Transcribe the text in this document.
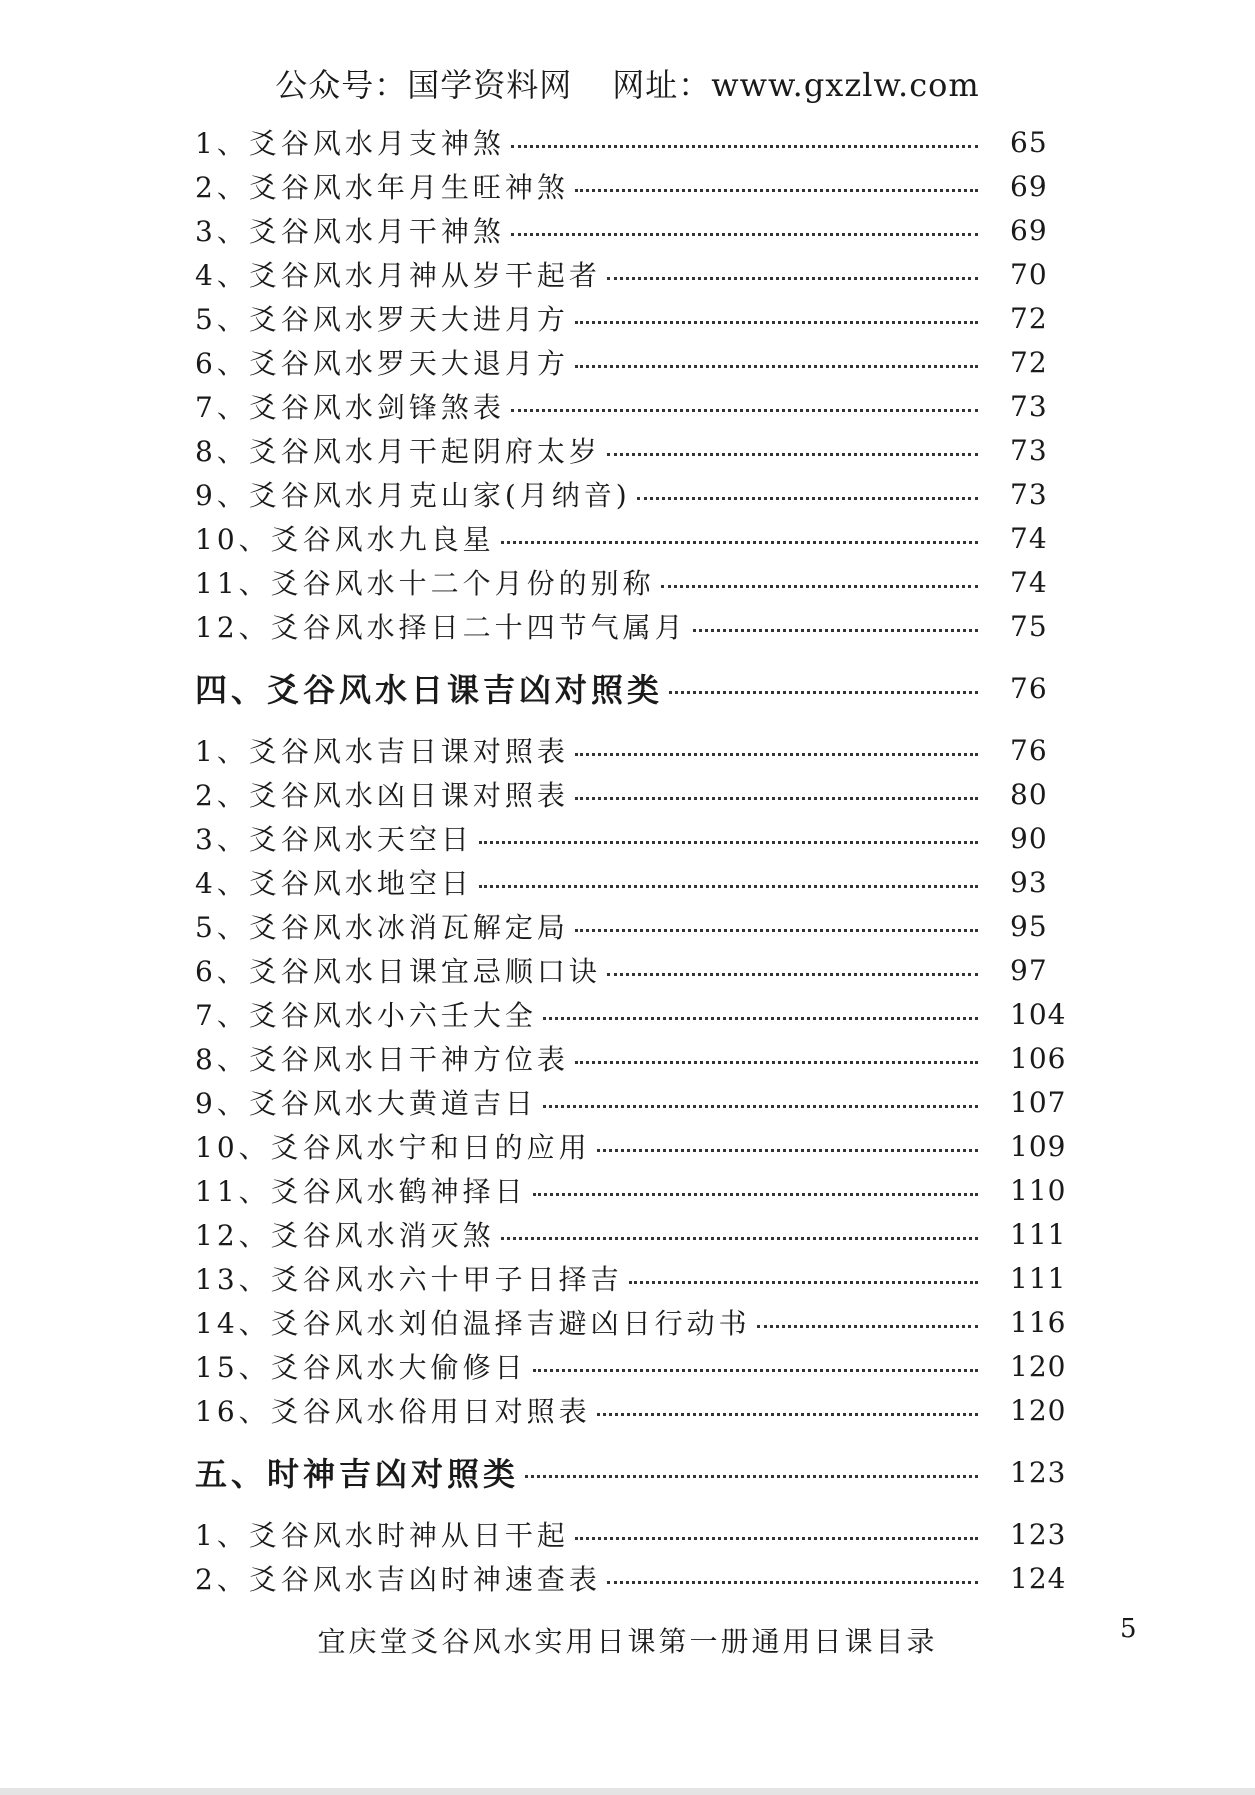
公众号：国学资料网 网址：www.gxzlw.com
1、爻谷风水月支神煞	65
2、爻谷风水年月生旺神煞	69
3、爻谷风水月干神煞	69
4、爻谷风水月神从岁干起者	70
5、爻谷风水罗天大进月方	72
6、爻谷风水罗天大退月方	72
7、爻谷风水剑锋煞表	73
8、爻谷风水月干起阴府太岁	73
9、爻谷风水月克山家(月纳音)	73
10、爻谷风水九良星	74
11、爻谷风水十二个月份的别称	74
12、爻谷风水择日二十四节气属月	75
四、爻谷风水日课吉凶对照类	76
1、爻谷风水吉日课对照表	76
2、爻谷风水凶日课对照表	80
3、爻谷风水天空日	90
4、爻谷风水地空日	93
5、爻谷风水冰消瓦解定局	95
6、爻谷风水日课宜忌顺口诀	97
7、爻谷风水小六壬大全	104
8、爻谷风水日干神方位表	106
9、爻谷风水大黄道吉日	107
10、爻谷风水宁和日的应用	109
11、爻谷风水鹤神择日	110
12、爻谷风水消灭煞	111
13、爻谷风水六十甲子日择吉	111
14、爻谷风水刘伯温择吉避凶日行动书	116
15、爻谷风水大偷修日	120
16、爻谷风水俗用日对照表	120
五、时神吉凶对照类	123
1、爻谷风水时神从日干起	123
2、爻谷风水吉凶时神速查表	124
宜庆堂爻谷风水实用日课第一册通用日课目录	5
